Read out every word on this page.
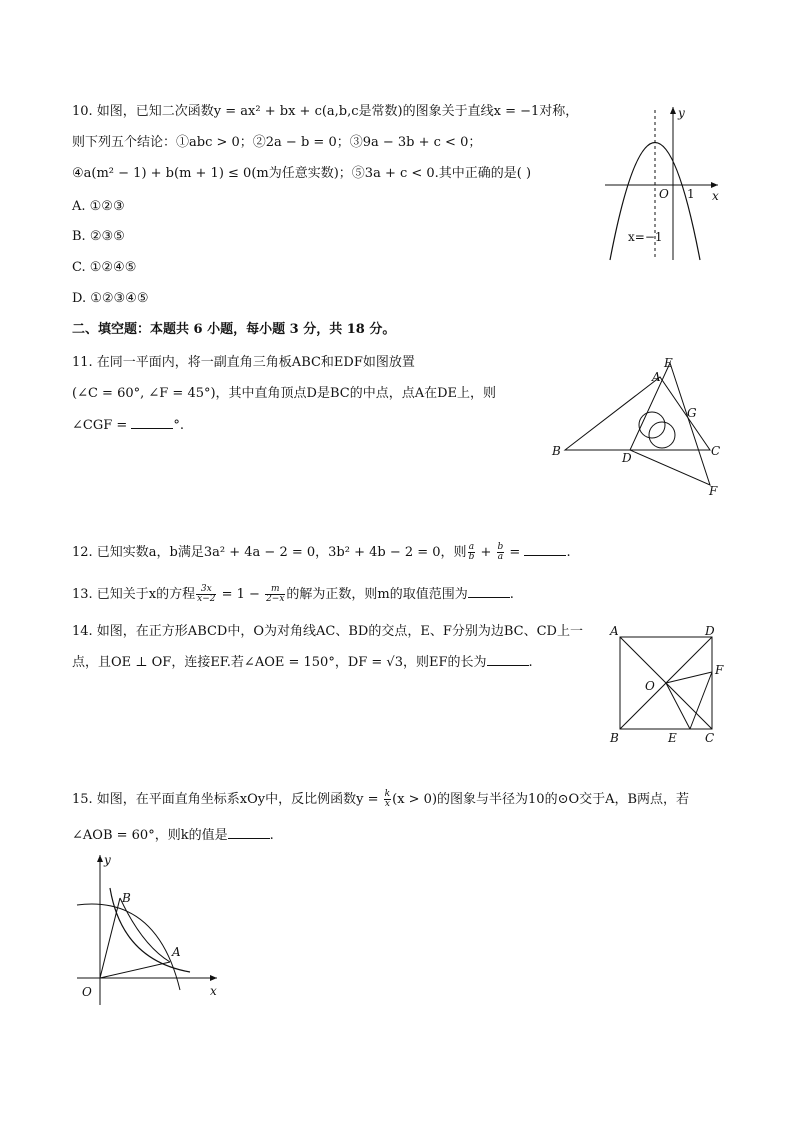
10. 如图，已知二次函数y = ax² + bx + c(a,b,c是常数)的图象关于直线x = −1对称，
则下列五个结论：①abc > 0；②2a − b = 0；③9a − 3b + c < 0；
④a(m² − 1) + b(m + 1) ≤ 0(m为任意实数)；⑤3a + c < 0.其中正确的是( )
A. ①②③
B. ②③⑤
C. ①②④⑤
D. ①②③④⑤
y
x
O 1
x=−1
二、填空题：本题共 6 小题，每小题 3 分，共 18 分。
11. 在同一平面内，将一副直角三角板ABC和EDF如图放置
(∠C = 60°, ∠F = 45°)，其中直角顶点D是BC的中点，点A在DE上，则
∠CGF =	°.
E
A
G
B	D	C
F
12. 已知实数a，b满足3a² + 4a − 2 = 0，3b² + 4b − 2 = 0，则 $\frac{a}{b} + \frac{b}{a}$ =	.
13. 已知关于x的方程 $\frac{3x}{x-2} = 1 - \frac{m}{2-x}$ 的解为正数，则m的取值范围为	.
14. 如图，在正方形ABCD中，O为对角线AC、BD的交点，E、F分别为边BC、CD上一
点，且OE ⊥ OF，连接EF.若∠AOE = 150°，DF = √3，则EF的长为	.
A	D
B	C
O
E
F
15. 如图，在平面直角坐标系xOy中，反比例函数$y = \frac{k}{x} (x > 0)$的图象与半径为10的⊙O交于A，B两点，若
∠AOB = 60°，则k的值是	.
B
A
y
x
O
